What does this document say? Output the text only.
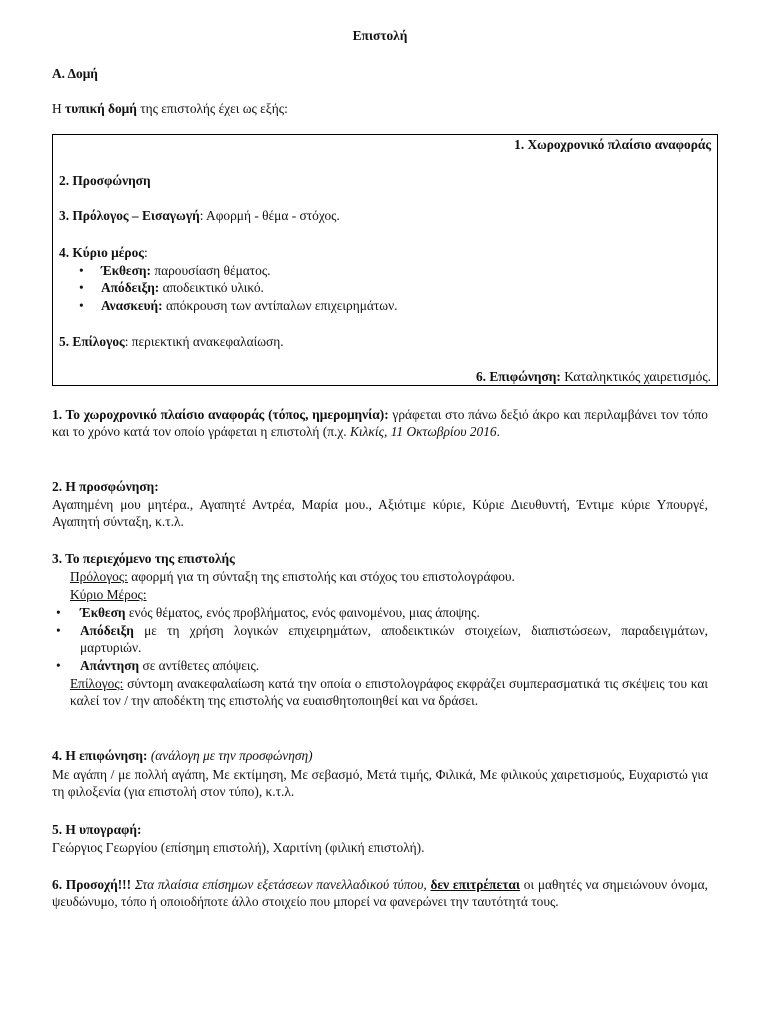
Επιστολή
Α. Δομή
Η τυπική δομή της επιστολής έχει ως εξής:
1. Χωροχρονικό πλαίσιο αναφοράς
2. Προσφώνηση
3. Πρόλογος – Εισαγωγή: Αφορμή - θέμα - στόχος.
4. Κύριο μέρος:
• Έκθεση: παρουσίαση θέματος.
• Απόδειξη: αποδεικτικό υλικό.
• Ανασκευή: απόκρουση των αντίπαλων επιχειρημάτων.
5. Επίλογος: περιεκτική ανακεφαλαίωση.
6. Επιφώνηση: Καταληκτικός χαιρετισμός.
1. Το χωροχρονικό πλαίσιο αναφοράς (τόπος, ημερομηνία): γράφεται στο πάνω δεξιό άκρο και περιλαμβάνει τον τόπο και το χρόνο κατά τον οποίο γράφεται η επιστολή (π.χ. Κιλκίς, 11 Οκτωβρίου 2016.
2. Η προσφώνηση:
Αγαπημένη μου μητέρα., Αγαπητέ Αντρέα, Μαρία μου., Αξιότιμε κύριε, Κύριε Διευθυντή, Έντιμε κύριε Υπουργέ, Αγαπητή σύνταξη, κ.τ.λ.
3. Το περιεχόμενο της επιστολής
Πρόλογος: αφορμή για τη σύνταξη της επιστολής και στόχος του επιστολογράφου.
Κύριο Μέρος:
• Έκθεση ενός θέματος, ενός προβλήματος, ενός φαινομένου, μιας άποψης.
• Απόδειξη με τη χρήση λογικών επιχειρημάτων, αποδεικτικών στοιχείων, διαπιστώσεων, παραδειγμάτων, μαρτυριών.
• Απάντηση σε αντίθετες απόψεις.
Επίλογος: σύντομη ανακεφαλαίωση κατά την οποία ο επιστολογράφος εκφράζει συμπερασματικά τις σκέψεις του και καλεί τον / την αποδέκτη της επιστολής να ευαισθητοποιηθεί και να δράσει.
4. Η επιφώνηση: (ανάλογη με την προσφώνηση)
Με αγάπη / με πολλή αγάπη, Με εκτίμηση, Με σεβασμό, Μετά τιμής, Φιλικά, Με φιλικούς χαιρετισμούς, Ευχαριστώ για τη φιλοξενία (για επιστολή στον τύπο), κ.τ.λ.
5. Η υπογραφή:
Γεώργιος Γεωργίου (επίσημη επιστολή), Χαριτίνη (φιλική επιστολή).
6. Προσοχή!!! Στα πλαίσια επίσημων εξετάσεων πανελλαδικού τύπου, δεν επιτρέπεται οι μαθητές να σημειώνουν όνομα, ψευδώνυμο, τόπο ή οποιοδήποτε άλλο στοιχείο που μπορεί να φανερώνει την ταυτότητά τους.
